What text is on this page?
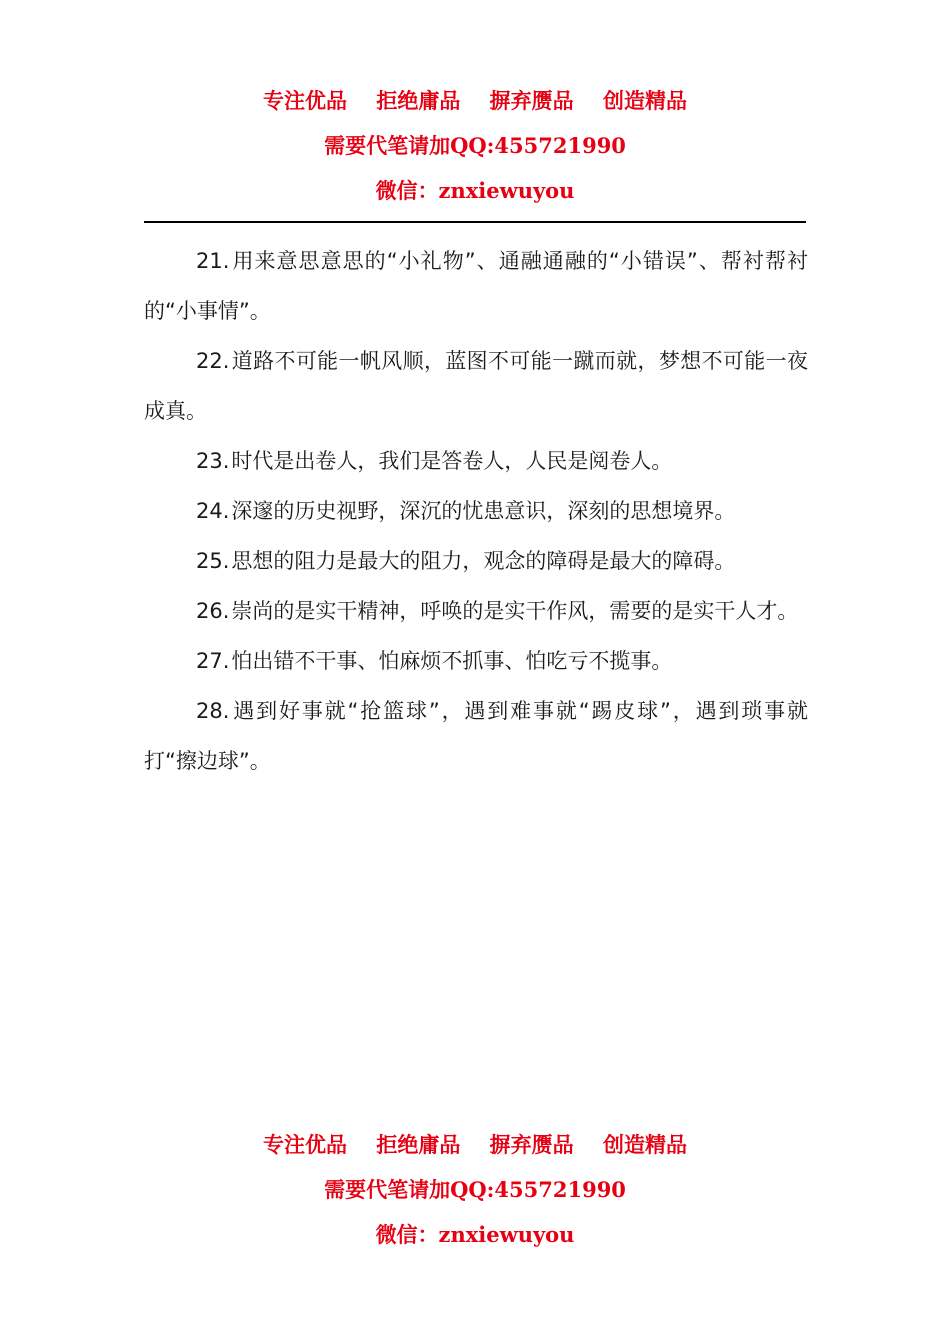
专注优品 拒绝庸品 摒弃赝品 创造精品
需要代笔请加QQ:455721990
微信：znxiewuyou

21.用来意思意思的“小礼物”、通融通融的“小错误”、帮衬帮衬的“小事情”。

22.道路不可能一帆风顺，蓝图不可能一蹴而就，梦想不可能一夜成真。

23.时代是出卷人，我们是答卷人，人民是阅卷人。

24.深邃的历史视野，深沉的忧患意识，深刻的思想境界。

25.思想的阻力是最大的阻力，观念的障碍是最大的障碍。

26.崇尚的是实干精神，呼唤的是实干作风，需要的是实干人才。

27.怕出错不干事、怕麻烦不抓事、怕吃亏不揽事。

28.遇到好事就“抢篮球”，遇到难事就“踢皮球”，遇到琐事就打“擦边球”。

专注优品 拒绝庸品 摒弃赝品 创造精品
需要代笔请加QQ:455721990
微信：znxiewuyou
